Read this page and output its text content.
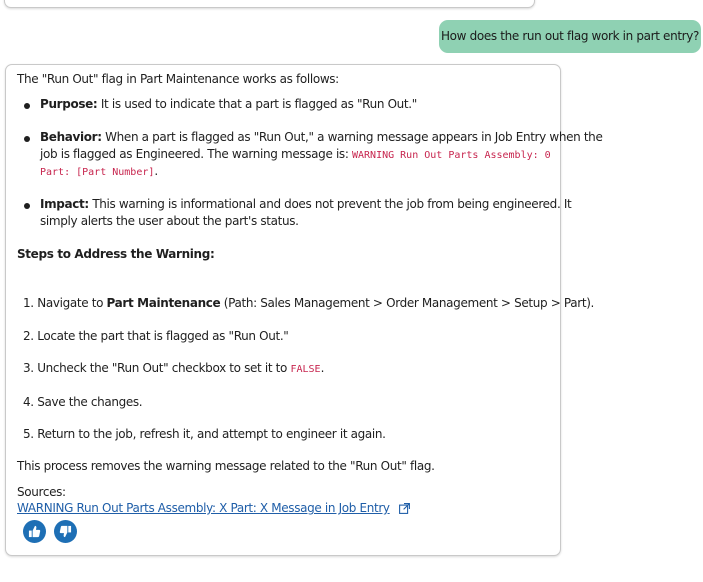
How does the run out flag work in part entry?
The "Run Out" flag in Part Maintenance works as follows:
Purpose: It is used to indicate that a part is flagged as "Run Out."
Behavior: When a part is flagged as "Run Out," a warning message appears in Job Entry when the
job is flagged as Engineered. The warning message is: WARNING Run Out Parts Assembly: 0
Part: [Part Number].
Impact: This warning is informational and does not prevent the job from being engineered. It
simply alerts the user about the part's status.
Steps to Address the Warning:
1. Navigate to Part Maintenance (Path: Sales Management > Order Management > Setup > Part).
2. Locate the part that is flagged as "Run Out."
3. Uncheck the "Run Out" checkbox to set it to FALSE.
4. Save the changes.
5. Return to the job, refresh it, and attempt to engineer it again.
This process removes the warning message related to the "Run Out" flag.
Sources:
WARNING Run Out Parts Assembly: X Part: X Message in Job Entry
